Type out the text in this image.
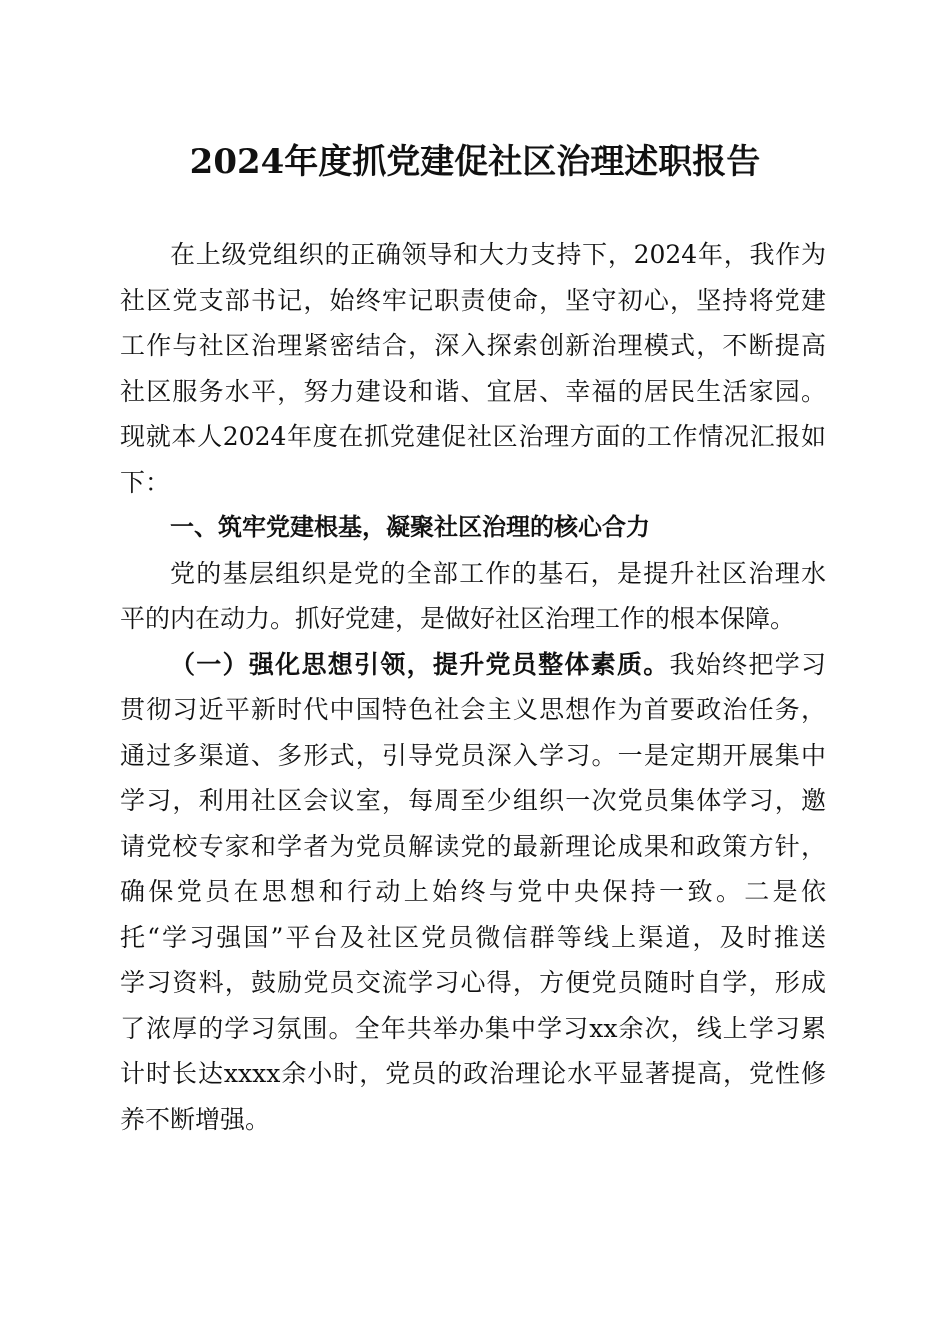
2024年度抓党建促社区治理述职报告
在上级党组织的正确领导和大力支持下，2024年，我作为
社区党支部书记，始终牢记职责使命，坚守初心，坚持将党建
工作与社区治理紧密结合，深入探索创新治理模式，不断提高
社区服务水平，努力建设和谐、宜居、幸福的居民生活家园。
现就本人2024年度在抓党建促社区治理方面的工作情况汇报如
下：
一、筑牢党建根基，凝聚社区治理的核心合力
党的基层组织是党的全部工作的基石，是提升社区治理水
平的内在动力。抓好党建，是做好社区治理工作的根本保障。
（一）强化思想引领，提升党员整体素质。我始终把学习
贯彻习近平新时代中国特色社会主义思想作为首要政治任务，
通过多渠道、多形式，引导党员深入学习。一是定期开展集中
学习，利用社区会议室，每周至少组织一次党员集体学习，邀
请党校专家和学者为党员解读党的最新理论成果和政策方针，
确保党员在思想和行动上始终与党中央保持一致。二是依
托“学习强国”平台及社区党员微信群等线上渠道，及时推送
学习资料，鼓励党员交流学习心得，方便党员随时自学，形成
了浓厚的学习氛围。全年共举办集中学习xx余次，线上学习累
计时长达xxxx余小时，党员的政治理论水平显著提高，党性修
养不断增强。
